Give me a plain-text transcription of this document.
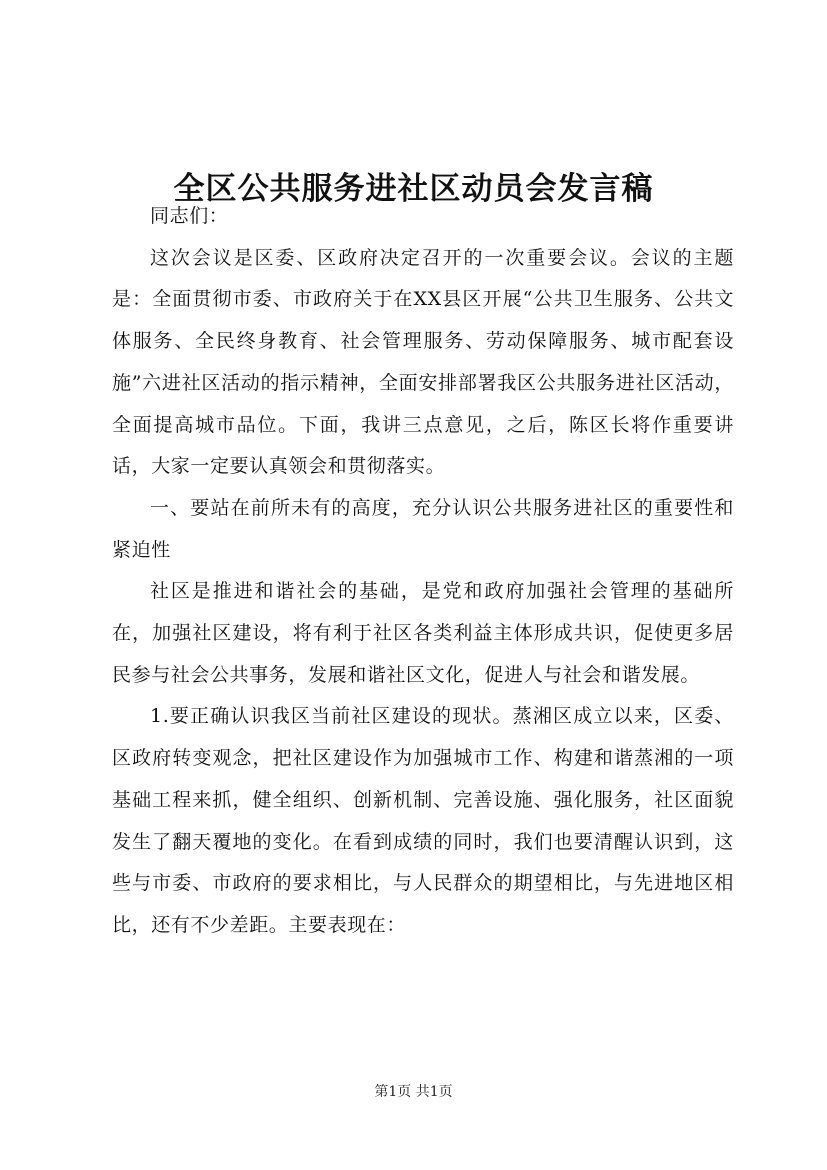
全区公共服务进社区动员会发言稿

同志们：

这次会议是区委、区政府决定召开的一次重要会议。会议的主题是：全面贯彻市委、市政府关于在XX县区开展“公共卫生服务、公共文体服务、全民终身教育、社会管理服务、劳动保障服务、城市配套设施”六进社区活动的指示精神，全面安排部署我区公共服务进社区活动，全面提高城市品位。下面，我讲三点意见，之后，陈区长将作重要讲话，大家一定要认真领会和贯彻落实。

一、要站在前所未有的高度，充分认识公共服务进社区的重要性和紧迫性

社区是推进和谐社会的基础，是党和政府加强社会管理的基础所在，加强社区建设，将有利于社区各类利益主体形成共识，促使更多居民参与社会公共事务，发展和谐社区文化，促进人与社会和谐发展。

1.要正确认识我区当前社区建设的现状。蒸湘区成立以来，区委、区政府转变观念，把社区建设作为加强城市工作、构建和谐蒸湘的一项基础工程来抓，健全组织、创新机制、完善设施、强化服务，社区面貌发生了翻天覆地的变化。在看到成绩的同时，我们也要清醒认识到，这些与市委、市政府的要求相比，与人民群众的期望相比，与先进地区相比，还有不少差距。主要表现在：

第1页 共1页
